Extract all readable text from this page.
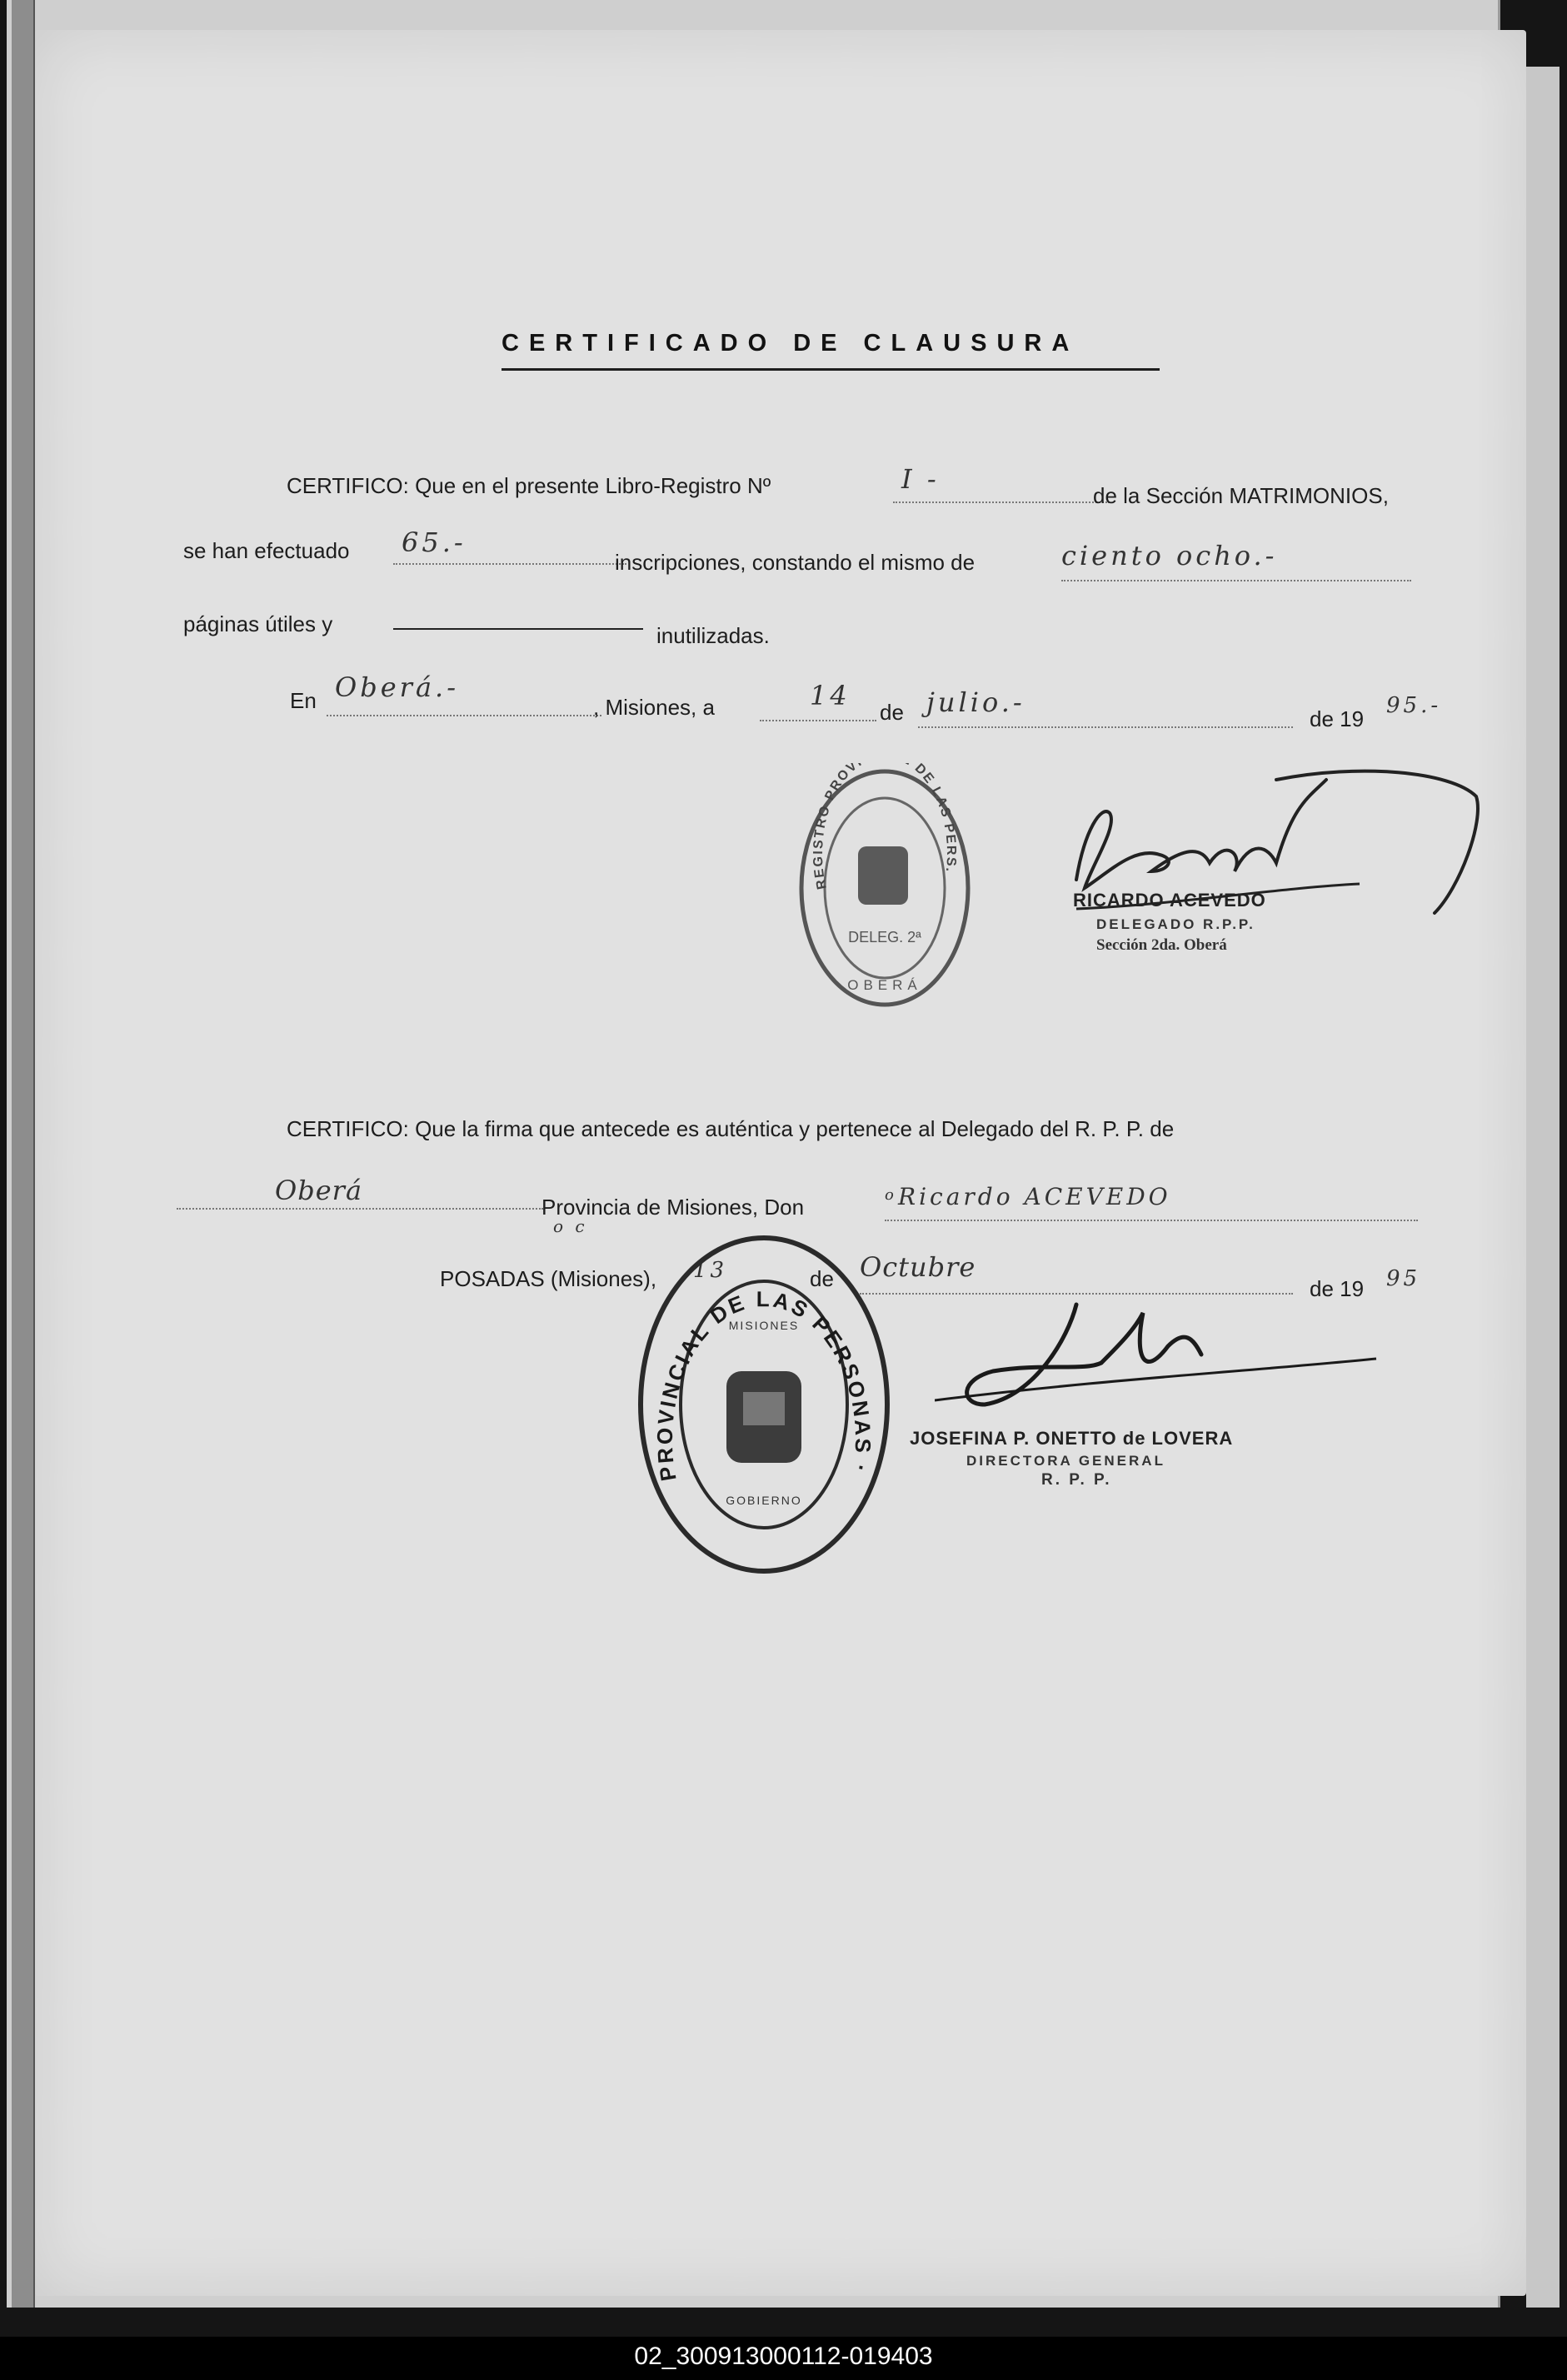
CERTIFICADO DE CLAUSURA
CERTIFICO: Que en el presente Libro-Registro Nº	I -
de la Sección MATRIMONIOS,
se han efectuado 65.-
inscripciones, constando el mismo de	ciento ocho.-
páginas útiles y	inutilizadas.
En Oberá.-
, Misiones, a	14
de julio.-
de 19
95.-
REGISTRO PROV DE LAS PERS.
DELEG. 2ª
OBERÁ
RICARDO ACEVEDO
DELEGADO R.P.P.
Sección 2da. Oberá
CERTIFICO: Que la firma que antecede es auténtica y pertenece al Delegado del R. P. P. de
Oberá
Provincia de Misiones, Don	o Ricardo ACEVEDO
o c
POSADAS (Misiones), 13	de Octubre
de 19 95
PROVINCIAL DE LAS PERSONAS ·
MISIONES
GOBIERNO
JOSEFINA P. ONETTO de LOVERA
DIRECTORA GENERAL
R. P. P.
02_300913000112-019403
